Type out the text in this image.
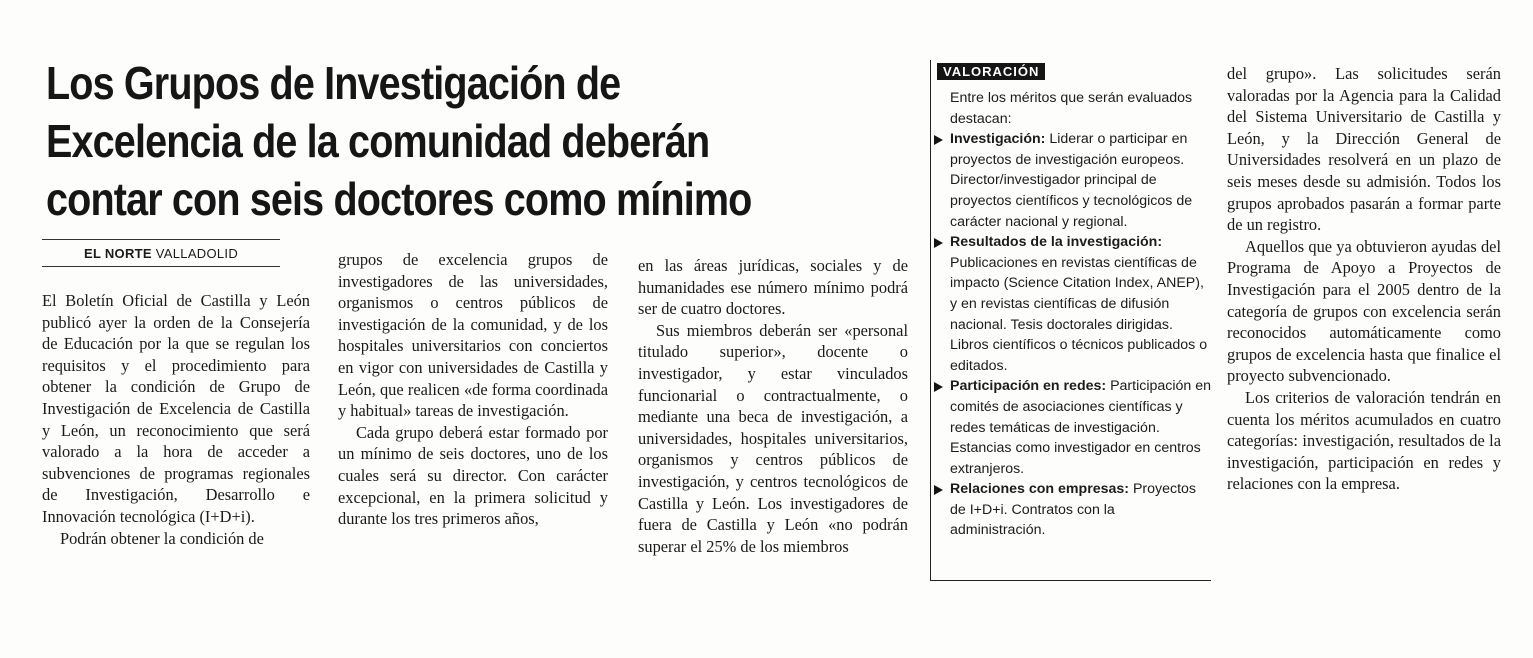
Los Grupos de Investigación de Excelencia de la comunidad deberán contar con seis doctores como mínimo
EL NORTE VALLADOLID

El Boletín Oficial de Castilla y León publicó ayer la orden de la Consejería de Educación por la que se regulan los requisitos y el procedimiento para obtener la condición de Grupo de Investigación de Excelencia de Castilla y León, un reconocimiento que será valorado a la hora de acceder a subvenciones de programas regionales de Investigación, Desarrollo e Innovación tecnológica (I+D+i).

Podrán obtener la condición de

grupos de excelencia grupos de investigadores de las universidades, organismos o centros públicos de investigación de la comunidad, y de los hospitales universitarios con conciertos en vigor con universidades de Castilla y León, que realicen «de forma coordinada y habitual» tareas de investigación.

Cada grupo deberá estar formado por un mínimo de seis doctores, uno de los cuales será su director. Con carácter excepcional, en la primera solicitud y durante los tres primeros años,

en las áreas jurídicas, sociales y de humanidades ese número mínimo podrá ser de cuatro doctores.

Sus miembros deberán ser «personal titulado superior», docente o investigador, y estar vinculados funcionarial o contractualmente, o mediante una beca de investigación, a universidades, hospitales universitarios, organismos y centros públicos de investigación, y centros tecnológicos de Castilla y León. Los investigadores de fuera de Castilla y León «no podrán superar el 25% de los miembros

VALORACIÓN

Entre los méritos que serán evaluados destacan:

Investigación: Liderar o participar en proyectos de investigación europeos. Director/investigador principal de proyectos científicos y tecnológicos de carácter nacional y regional.

Resultados de la investigación: Publicaciones en revistas científicas de impacto (Science Citation Index, ANEP), y en revistas científicas de difusión nacional. Tesis doctorales dirigidas. Libros científicos o técnicos publicados o editados.

Participación en redes: Participación en comités de asociaciones científicas y redes temáticas de investigación. Estancias como investigador en centros extranjeros.

Relaciones con empresas: Proyectos de I+D+i. Contratos con la administración.

del grupo». Las solicitudes serán valoradas por la Agencia para la Calidad del Sistema Universitario de Castilla y León, y la Dirección General de Universidades resolverá en un plazo de seis meses desde su admisión. Todos los grupos aprobados pasarán a formar parte de un registro.

Aquellos que ya obtuvieron ayudas del Programa de Apoyo a Proyectos de Investigación para el 2005 dentro de la categoría de grupos con excelencia serán reconocidos automáticamente como grupos de excelencia hasta que finalice el proyecto subvencionado.

Los criterios de valoración tendrán en cuenta los méritos acumulados en cuatro categorías: investigación, resultados de la investigación, participación en redes y relaciones con la empresa.
